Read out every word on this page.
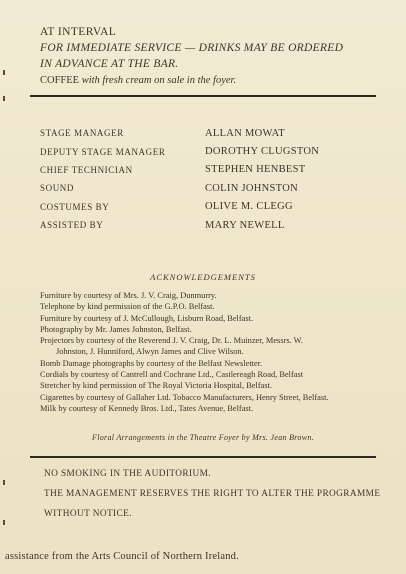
AT INTERVAL
FOR IMMEDIATE SERVICE — DRINKS MAY BE ORDERED
IN ADVANCE AT THE BAR.
COFFEE with fresh cream on sale in the foyer.
STAGE MANAGER	ALLAN MOWAT
DEPUTY STAGE MANAGER	DOROTHY CLUGSTON
CHIEF TECHNICIAN	STEPHEN HENBEST
SOUND	COLIN JOHNSTON
COSTUMES BY	OLIVE M. CLEGG
ASSISTED BY	MARY NEWELL
ACKNOWLEDGEMENTS
Furniture by courtesy of Mrs. J. V. Craig, Dunmurry.
Telephone by kind permission of the G.P.O. Belfast.
Furniture by courtesy of J. McCullough, Lisburn Road, Belfast.
Photography by Mr. James Johnston, Belfast.
Projectors by courtesy of the Reverend J. V. Craig, Dr. L. Muinzer, Messrs. W.
Johnston, J. Hunniford, Alwyn James and Clive Wilson.
Bomb Damage photographs by courtesy of the Belfast Newsletter.
Cordials by courtesy of Cantrell and Cochrane Ltd., Castlereagh Road, Belfast
Stretcher by kind permission of The Royal Victoria Hospital, Belfast.
Cigarettes by courtesy of Gallaher Ltd. Tobacco Manufacturers, Henry Street, Belfast.
Milk by courtesy of Kennedy Bros. Ltd., Tates Avenue, Belfast.
Floral Arrangements in the Theatre Foyer by Mrs. Jean Brown.
NO SMOKING IN THE AUDITORIUM.
THE MANAGEMENT RESERVES THE RIGHT TO ALTER THE PROGRAMME
WITHOUT NOTICE.
assistance from the Arts Council of Northern Ireland.
